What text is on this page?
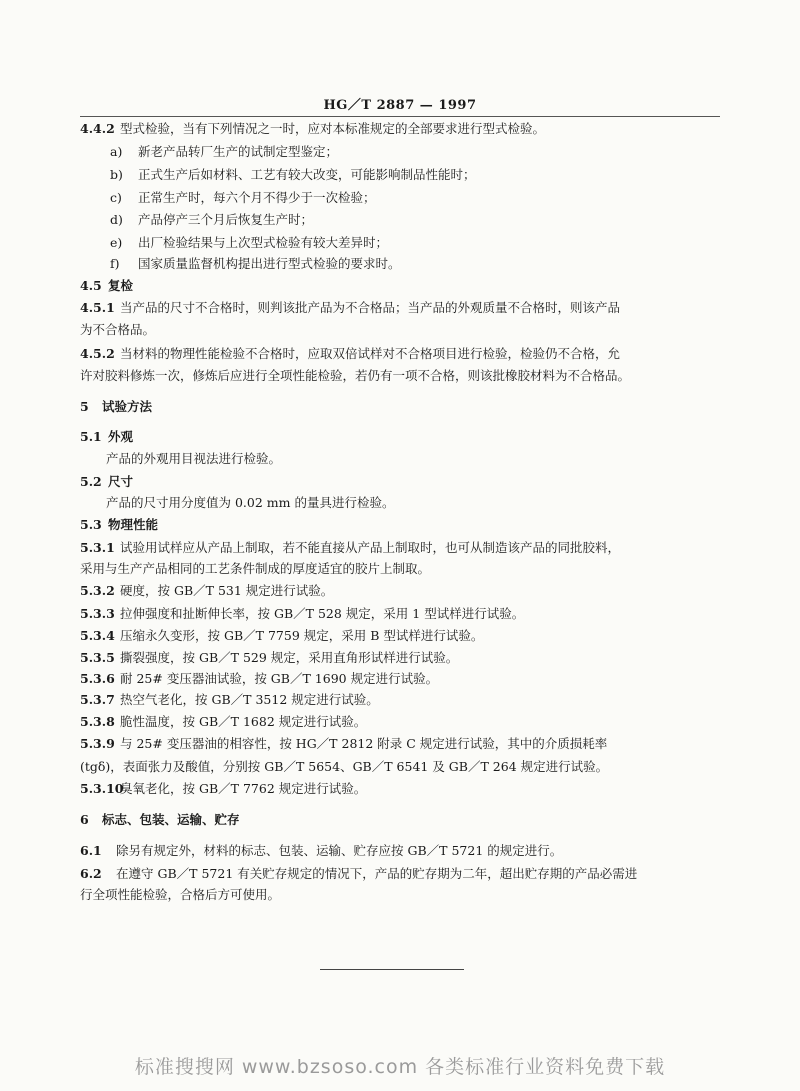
HG／T 2887 — 1997
4.4.2 型式检验，当有下列情况之一时，应对本标准规定的全部要求进行型式检验。
a) 新老产品转厂生产的试制定型鉴定；
b) 正式生产后如材料、工艺有较大改变，可能影响制品性能时；
c) 正常生产时，每六个月不得少于一次检验；
d) 产品停产三个月后恢复生产时；
e) 出厂检验结果与上次型式检验有较大差异时；
f) 国家质量监督机构提出进行型式检验的要求时。
4.5 复检
4.5.1 当产品的尺寸不合格时，则判该批产品为不合格品；当产品的外观质量不合格时，则该产品
为不合格品。
4.5.2 当材料的物理性能检验不合格时，应取双倍试样对不合格项目进行检验，检验仍不合格，允
许对胶料修炼一次，修炼后应进行全项性能检验，若仍有一项不合格，则该批橡胶材料为不合格品。
5 试验方法
5.1 外观
产品的外观用目视法进行检验。
5.2 尺寸
产品的尺寸用分度值为 0.02 mm 的量具进行检验。
5.3 物理性能
5.3.1 试验用试样应从产品上制取，若不能直接从产品上制取时，也可从制造该产品的同批胶料，
采用与生产产品相同的工艺条件制成的厚度适宜的胶片上制取。
5.3.2 硬度，按 GB／T 531 规定进行试验。
5.3.3 拉伸强度和扯断伸长率，按 GB／T 528 规定，采用 1 型试样进行试验。
5.3.4 压缩永久变形，按 GB／T 7759 规定，采用 B 型试样进行试验。
5.3.5 撕裂强度，按 GB／T 529 规定，采用直角形试样进行试验。
5.3.6 耐 25# 变压器油试验，按 GB／T 1690 规定进行试验。
5.3.7 热空气老化，按 GB／T 3512 规定进行试验。
5.3.8 脆性温度，按 GB／T 1682 规定进行试验。
5.3.9 与 25# 变压器油的相容性，按 HG／T 2812 附录 C 规定进行试验，其中的介质损耗率
(tgδ)，表面张力及酸值，分别按 GB／T 5654、GB／T 6541 及 GB／T 264 规定进行试验。
5.3.10臭氧老化，按 GB／T 7762 规定进行试验。
6 标志、包装、运输、贮存
6.1 除另有规定外，材料的标志、包装、运输、贮存应按 GB／T 5721 的规定进行。
6.2 在遵守 GB／T 5721 有关贮存规定的情况下，产品的贮存期为二年，超出贮存期的产品必需进
行全项性能检验，合格后方可使用。
标准搜搜网 www.bzsoso.com 各类标准行业资料免费下载
